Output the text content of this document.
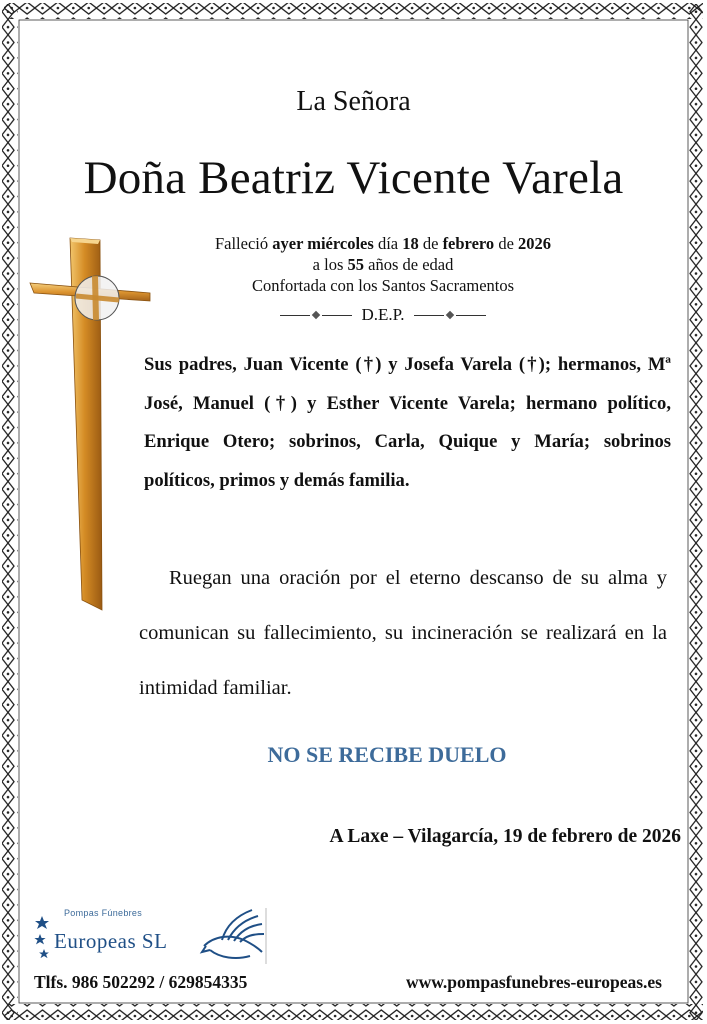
La Señora
Doña Beatriz Vicente Varela
Falleció ayer miércoles día 18 de febrero de 2026
a los 55 años de edad
Confortada con los Santos Sacramentos
D.E.P.
Sus padres, Juan Vicente (†) y Josefa Varela (†); hermanos, Mª José, Manuel (†) y Esther Vicente Varela; hermano político, Enrique Otero; sobrinos, Carla, Quique y María; sobrinos políticos, primos y demás familia.
Ruegan una oración por el eterno descanso de su alma y comunican su fallecimiento, su incineración se realizará en la intimidad familiar.
NO SE RECIBE DUELO
A Laxe – Vilagarcía, 19 de febrero de 2026
Pompas Fúnebres
Europeas SL
Tlfs. 986 502292 / 629854335	www.pompasfunebres-europeas.es
